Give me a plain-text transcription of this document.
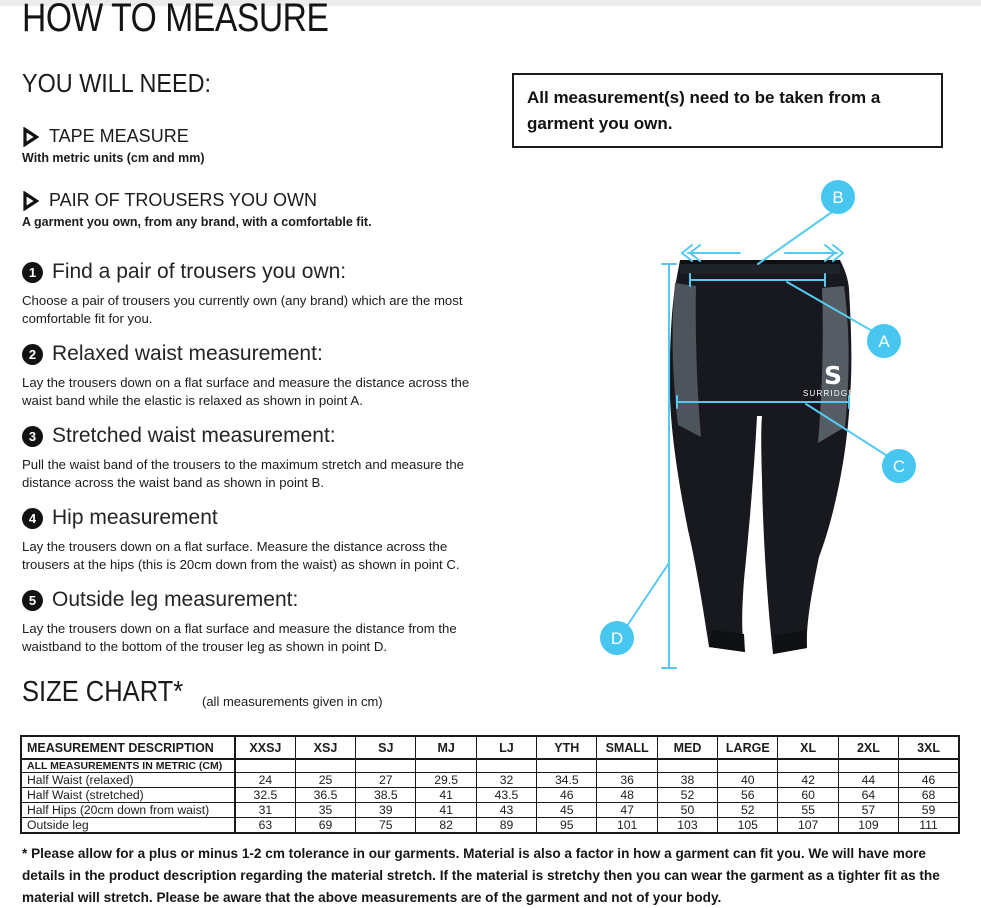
HOW TO MEASURE
YOU WILL NEED:
TAPE MEASURE
With metric units (cm and mm)
PAIR OF TROUSERS YOU OWN
A garment you own, from any brand, with a comfortable fit.
1 Find a pair of trousers you own:

Choose a pair of trousers you currently own (any brand) which are the most comfortable fit for you.

2 Relaxed waist measurement:

Lay the trousers down on a flat surface and measure the distance across the waist band while the elastic is relaxed as shown in point A.

3 Stretched waist measurement:

Pull the waist band of the trousers to the maximum stretch and measure the distance across the waist band as shown in point B.

4 Hip measurement

Lay the trousers down on a flat surface. Measure the distance across the trousers at the hips (this is 20cm down from the waist) as shown in point C.

5 Outside leg measurement:

Lay the trousers down on a flat surface and measure the distance from the waistband to the bottom of the trouser leg as shown in point D.

All measurement(s) need to be taken from a garment you own.
S
SURRIDGE
B
A
C
D
SIZE CHART* (all measurements given in cm)
MEASUREMENT DESCRIPTION	XXSJ	XSJ	SJ	MJ	LJ	YTH	SMALL	MED	LARGE	XL	2XL	3XL
ALL MEASUREMENTS IN METRIC (CM)												
Half Waist (relaxed)	24	25	27	29.5	32	34.5	36	38	40	42	44	46
Half Waist (stretched)	32.5	36.5	38.5	41	43.5	46	48	52	56	60	64	68
Half Hips (20cm down from waist)	31	35	39	41	43	45	47	50	52	55	57	59
Outside leg	63	69	75	82	89	95	101	103	105	107	109	111

* Please allow for a plus or minus 1-2 cm tolerance in our garments. Material is also a factor in how a garment can fit you. We will have more details in the product description regarding the material stretch. If the material is stretchy then you can wear the garment as a tighter fit as the material will stretch. Please be aware that the above measurements are of the garment and not of your body.
